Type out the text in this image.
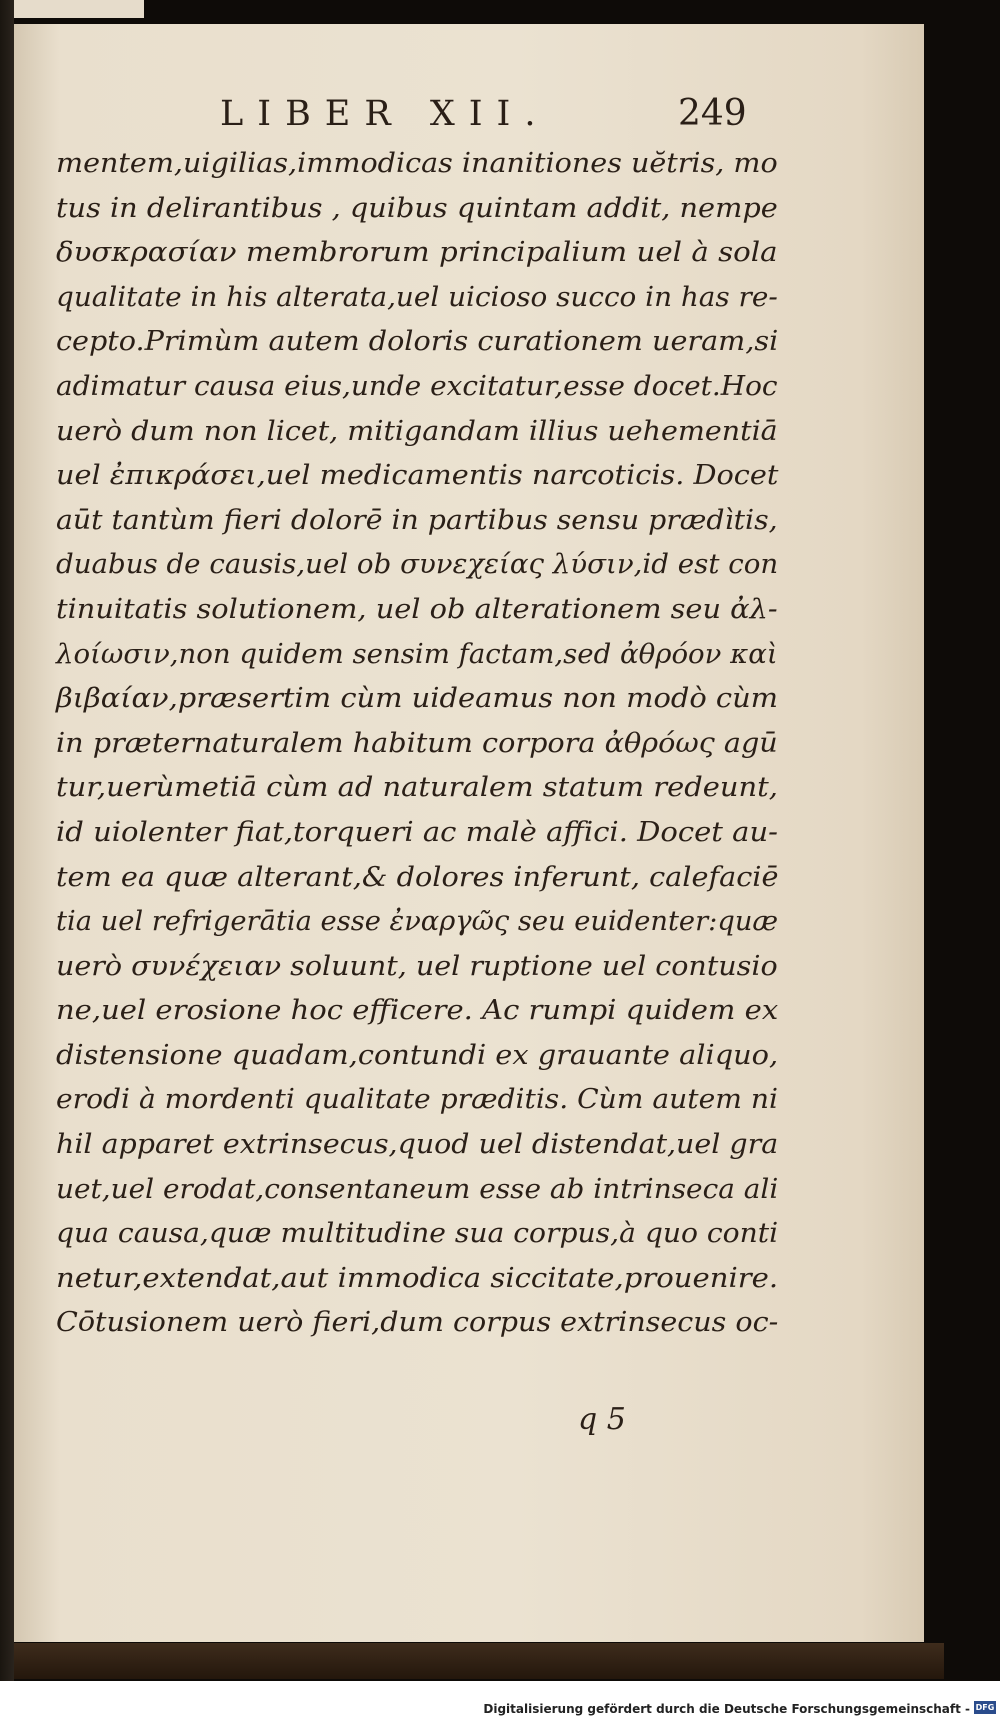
LIBER XII.	249
mentem,uigilias,immodicas inanitiones uĕtris, mo
tus in delirantibus , quibus quintam addit, nempe
δυσκρασίαν membrorum principalium uel à sola
qualitate in his alterata,uel uicioso succo in has re-
cepto.Primùm autem doloris curationem ueram,si
adimatur causa eius,unde excitatur,esse docet.Hoc
uerò dum non licet, mitigandam illius uehementiā
uel ἐπικράσει,uel medicamentis narcoticis. Docet
aūt tantùm fieri dolorē in partibus sensu prædìtis,
duabus de causis,uel ob συνεχείας λύσιν,id est con
tinuitatis solutionem, uel ob alterationem seu ἀλ-
λοίωσιν,non quidem sensim factam,sed ἀθρόον καὶ
βιβαίαν,præsertim cùm uideamus non modò cùm
in præternaturalem habitum corpora ἀθρόως agū
tur,uerùmetiā cùm ad naturalem statum redeunt,
id uiolenter fiat,torqueri ac malè affici. Docet au-
tem ea quæ alterant,& dolores inferunt, calefaciē
tia uel refrigerātia esse ἐναργῶς seu euidenter:quæ
uerò συνέχειαν soluunt, uel ruptione uel contusio
ne,uel erosione hoc efficere. Ac rumpi quidem ex
distensione quadam,contundi ex grauante aliquo,
erodi à mordenti qualitate præditis. Cùm autem ni
hil apparet extrinsecus,quod uel distendat,uel gra
uet,uel erodat,consentaneum esse ab intrinseca ali
qua causa,quæ multitudine sua corpus,à quo conti
netur,extendat,aut immodica siccitate,prouenire.
Cōtusionem uerò fieri,dum corpus extrinsecus oc-
q 5
Digitalisierung gefördert durch die Deutsche Forschungsgemeinschaft - DFG
